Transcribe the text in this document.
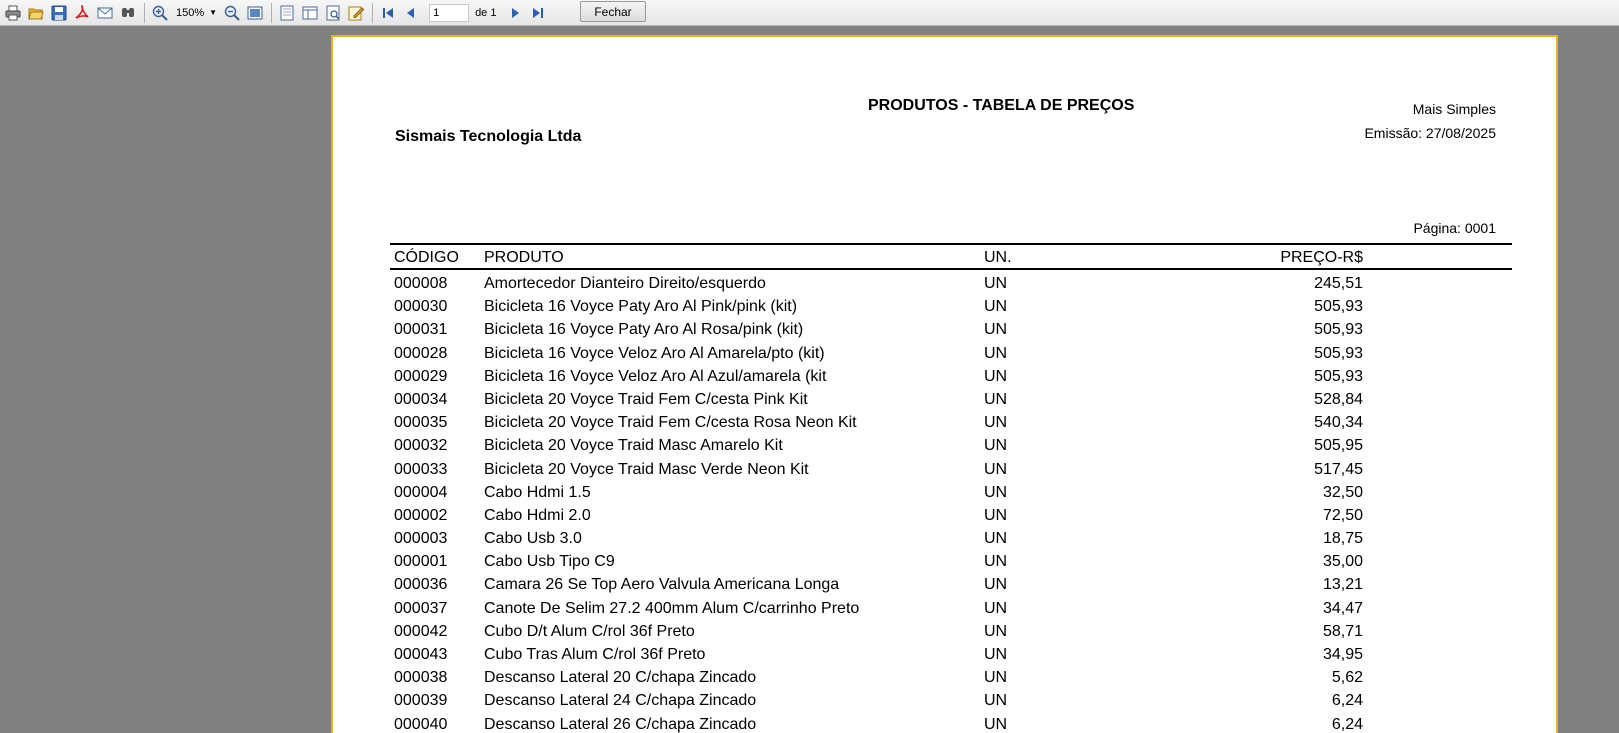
150% ▼
1	de 1	Fechar
PRODUTOS - TABELA DE PREÇOS
Sismais Tecnologia Ltda
Mais Simples
Emissão: 27/08/2025
Página: 0001
CÓDIGO PRODUTO	UN.	PREÇO-R$
000008 Amortecedor Dianteiro Direito/esquerdo	UN	245,51
000030 Bicicleta 16 Voyce Paty Aro Al Pink/pink (kit)	UN	505,93
000031 Bicicleta 16 Voyce Paty Aro Al Rosa/pink (kit)	UN	505,93
000028 Bicicleta 16 Voyce Veloz Aro Al Amarela/pto (kit)	UN	505,93
000029 Bicicleta 16 Voyce Veloz Aro Al Azul/amarela (kit	UN	505,93
000034 Bicicleta 20 Voyce Traid Fem C/cesta Pink Kit	UN	528,84
000035 Bicicleta 20 Voyce Traid Fem C/cesta Rosa Neon Kit	UN	540,34
000032 Bicicleta 20 Voyce Traid Masc Amarelo Kit	UN	505,95
000033 Bicicleta 20 Voyce Traid Masc Verde Neon Kit	UN	517,45
000004 Cabo Hdmi 1.5	UN	32,50
000002 Cabo Hdmi 2.0	UN	72,50
000003 Cabo Usb 3.0	UN	18,75
000001 Cabo Usb Tipo C9	UN	35,00
000036 Camara 26 Se Top Aero Valvula Americana Longa	UN	13,21
000037 Canote De Selim 27.2 400mm Alum C/carrinho Preto	UN	34,47
000042 Cubo D/t Alum C/rol 36f Preto	UN	58,71
000043 Cubo Tras Alum C/rol 36f Preto	UN	34,95
000038 Descanso Lateral 20 C/chapa Zincado	UN	5,62
000039 Descanso Lateral 24 C/chapa Zincado	UN	6,24
000040 Descanso Lateral 26 C/chapa Zincado	UN	6,24
